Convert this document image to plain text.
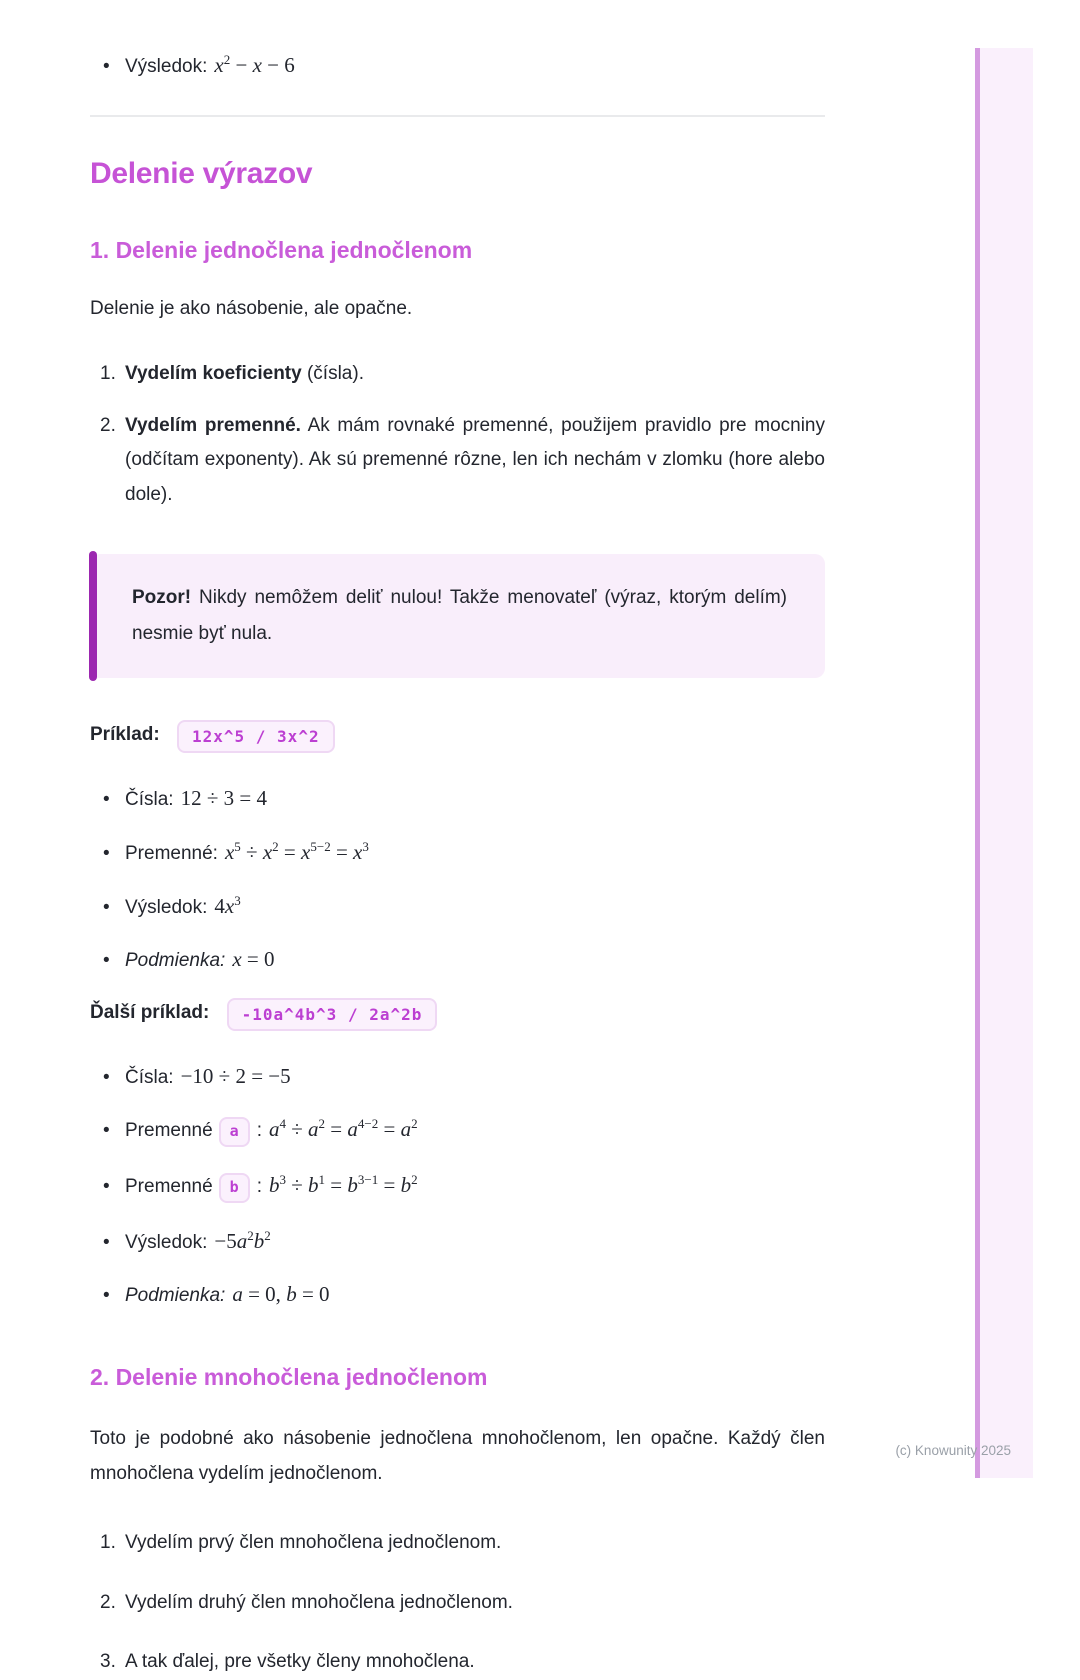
• Výsledok: $x^2 - x - 6$
Delenie výrazov
1. Delenie jednočlena jednočlenom

Delenie je ako násobenie, ale opačne.

1. Vydelím koeficienty (čísla).
2. Vydelím premenné. Ak mám rovnaké premenné, použijem pravidlo pre mocniny (odčítam exponenty). Ak sú premenné rôzne, len ich nechám v zlomku (hore alebo dole).
Pozor! Nikdy nemôžem deliť nulou! Takže menovateľ (výraz, ktorým delím) nesmie byť nula.
Príklad: 12x^5 / 3x^2
• Čísla: 12 ÷ 3 = 4
• Premenné: $x^5 \div x^2 = x^{5-2} = x^3$
• Výsledok: $4x^3$
• Podmienka: x = 0
Ďalší príklad: -10a^4b^3 / 2a^2b
• Čísla: −10 ÷ 2 = −5
• Premenné	a : $a^4 \div a^2 = a^{4-2} = a^2$
• Premenné	b : $b^3 \div b^1 = b^{3-1} = b^2$
• Výsledok: $-5a^2b^2$
• Podmienka: a = 0, b = 0
2. Delenie mnohočlena jednočlenom

Toto je podobné ako násobenie jednočlena mnohočlenom, len opačne. Každý člen mnohočlena vydelím jednočlenom.

1. Vydelím prvý člen mnohočlena jednočlenom.
2. Vydelím druhý člen mnohočlena jednočlenom.
3. A tak ďalej, pre všetky členy mnohočlena.
(c) Knowunity 2025
